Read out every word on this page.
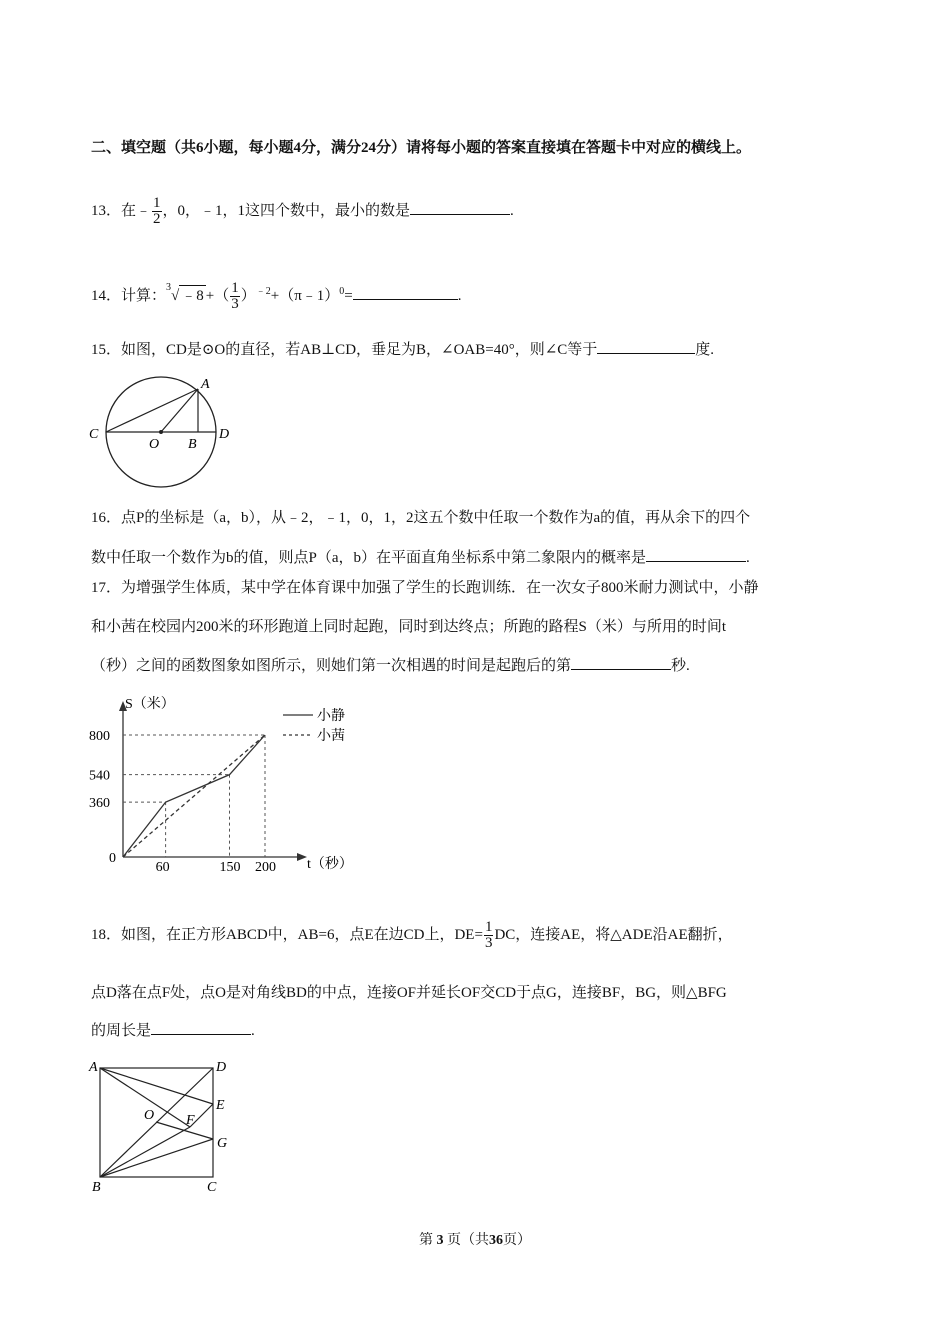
二、填空题（共6小题，每小题4分，满分24分）请将每小题的答案直接填在答题卡中对应的横线上。
13．在﹣ $\frac{1}{2}$ ，0，﹣1，1这四个数中，最小的数是	.
14．计算：$^3$√ ﹣8 +（ $\frac{1}{3}$ ）$^{﹣2}$+（π﹣1）$^0$=	.
15．如图，CD是⊙O的直径，若AB⊥CD，垂足为B，∠OAB=40°，则∠C等于	度.
A
C
O B
D
16．点P的坐标是（a，b），从﹣2，﹣1，0，1，2这五个数中任取一个数作为a的值，再从余下的四个
数中任取一个数作为b的值，则点P（a，b）在平面直角坐标系中第二象限内的概率是	.
17．为增强学生体质，某中学在体育课中加强了学生的长跑训练．在一次女子800米耐力测试中，小静
和小茜在校园内200米的环形跑道上同时起跑，同时到达终点；所跑的路程S（米）与所用的时间t
（秒）之间的函数图象如图所示，则她们第一次相遇的时间是起跑后的第	秒.
60	150 200
360
540
800
S（米）
t（秒）
0
小静
小茜
18．如图，在正方形ABCD中，AB=6，点E在边CD上，$DE= \frac{1}{3}$ DC，连接AE，将△ADE沿AE翻折，
点D落在点F处，点O是对角线BD的中点，连接OF并延长OF交CD于点G，连接BF，BG，则△BFG
的周长是	.
A	D
E
O F
G
B	C
第 3 页（共36页）
